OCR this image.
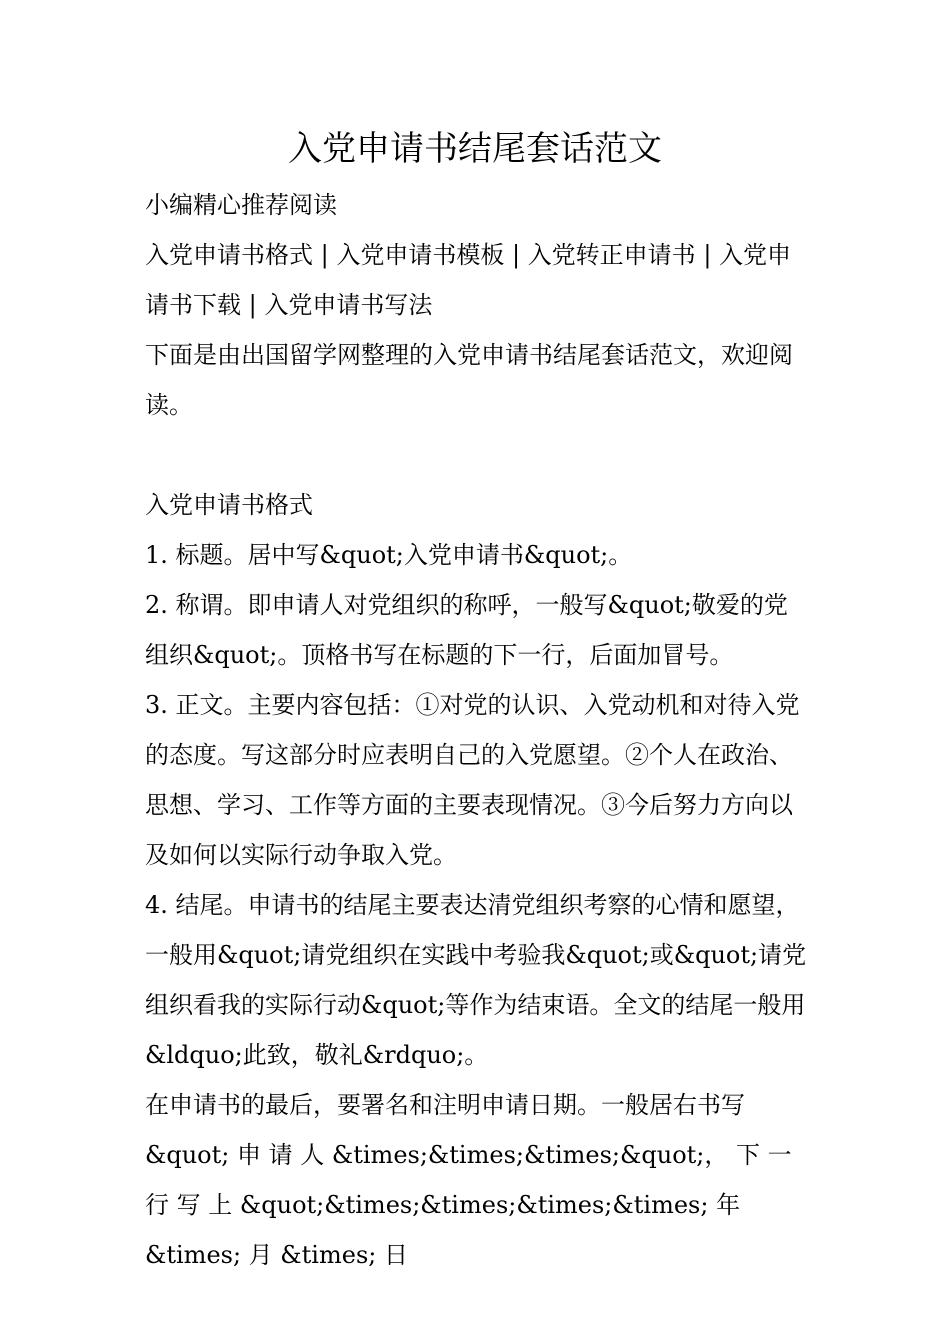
入党申请书结尾套话范文

小编精心推荐阅读

入党申请书格式 | 入党申请书模板 | 入党转正申请书 | 入党申请书下载 | 入党申请书写法

下面是由出国留学网整理的入党申请书结尾套话范文，欢迎阅读。

入党申请书格式

1. 标题。居中写&quot;入党申请书&quot;。

2. 称谓。即申请人对党组织的称呼，一般写&quot;敬爱的党组织&quot;。顶格书写在标题的下一行，后面加冒号。

3. 正文。主要内容包括：①对党的认识、入党动机和对待入党的态度。写这部分时应表明自己的入党愿望。②个人在政治、思想、学习、工作等方面的主要表现情况。③今后努力方向以及如何以实际行动争取入党。

4. 结尾。申请书的结尾主要表达清党组织考察的心情和愿望，一般用&quot;请党组织在实践中考验我&quot;或&quot;请党组织看我的实际行动&quot;等作为结束语。全文的结尾一般用&ldquo;此致，敬礼&rdquo;。

在申请书的最后，要署名和注明申请日期。一般居右书写 &quot; 申 请 人 &times;&times;&times;&quot;， 下 一 行 写 上 &quot;&times;&times;&times;&times; 年 &times; 月 &times; 日
